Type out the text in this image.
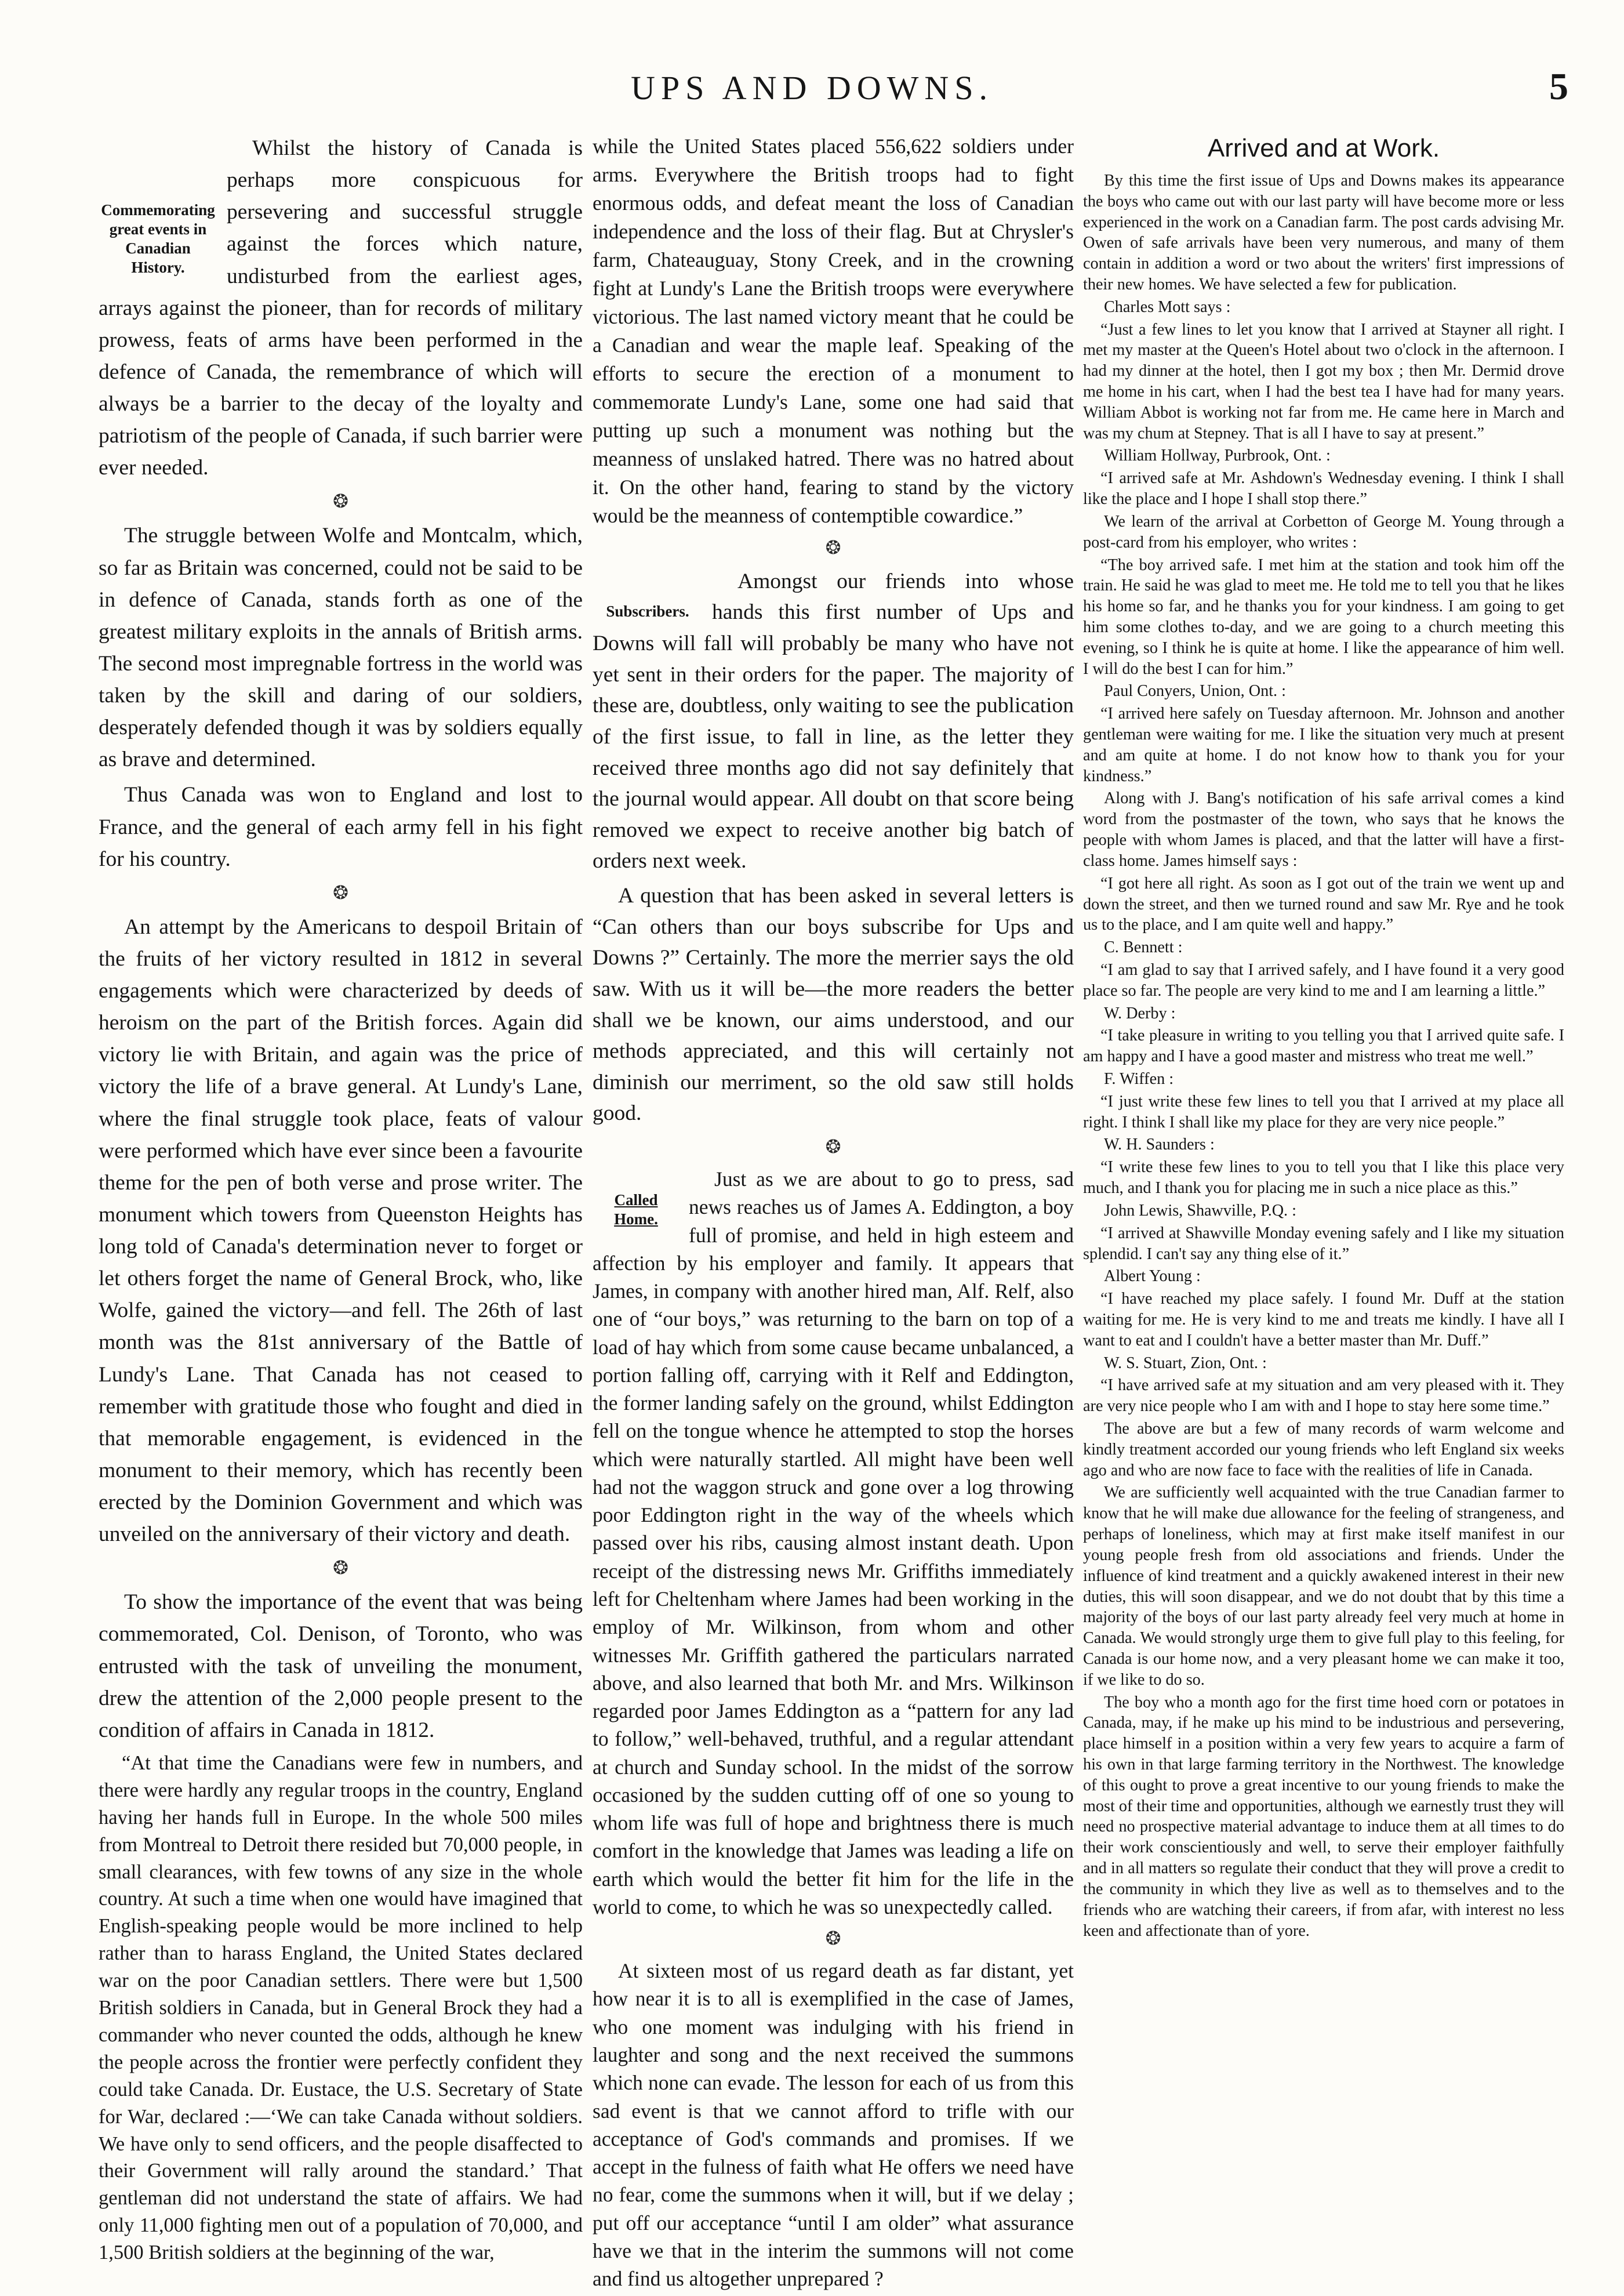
UPS AND DOWNS.	5
Commemorating great events in Canadian History.

Whilst the history of Canada is perhaps more conspicuous for persevering and successful struggle against the forces which nature, undisturbed from the earliest ages, arrays against the pioneer, than for records of military prowess, feats of arms have been performed in the defence of Canada, the remembrance of which will always be a barrier to the decay of the loyalty and patriotism of the people of Canada, if such barrier were ever needed.

❂

The struggle between Wolfe and Montcalm, which, so far as Britain was concerned, could not be said to be in defence of Canada, stands forth as one of the greatest military exploits in the annals of British arms. The second most impregnable fortress in the world was taken by the skill and daring of our soldiers, desperately defended though it was by soldiers equally as brave and determined.

Thus Canada was won to England and lost to France, and the general of each army fell in his fight for his country.

❂

An attempt by the Americans to despoil Britain of the fruits of her victory resulted in 1812 in several engagements which were characterized by deeds of heroism on the part of the British forces. Again did victory lie with Britain, and again was the price of victory the life of a brave general. At Lundy's Lane, where the final struggle took place, feats of valour were performed which have ever since been a favourite theme for the pen of both verse and prose writer. The monument which towers from Queenston Heights has long told of Canada's determination never to forget or let others forget the name of General Brock, who, like Wolfe, gained the victory—and fell. The 26th of last month was the 81st anniversary of the Battle of Lundy's Lane. That Canada has not ceased to remember with gratitude those who fought and died in that memorable engagement, is evidenced in the monument to their memory, which has recently been erected by the Dominion Government and which was unveiled on the anniversary of their victory and death.

❂

To show the importance of the event that was being commemorated, Col. Denison, of Toronto, who was entrusted with the task of unveiling the monument, drew the attention of the 2,000 people present to the condition of affairs in Canada in 1812.

“At that time the Canadians were few in numbers, and there were hardly any regular troops in the country, England having her hands full in Europe. In the whole 500 miles from Montreal to Detroit there resided but 70,000 people, in small clearances, with few towns of any size in the whole country. At such a time when one would have imagined that English-speaking people would be more inclined to help rather than to harass England, the United States declared war on the poor Canadian settlers. There were but 1,500 British soldiers in Canada, but in General Brock they had a commander who never counted the odds, although he knew the people across the frontier were perfectly confident they could take Canada. Dr. Eustace, the U.S. Secretary of State for War, declared :—‘We can take Canada without soldiers. We have only to send officers, and the people disaffected to their Government will rally around the standard.’ That gentleman did not understand the state of affairs. We had only 11,000 fighting men out of a population of 70,000, and 1,500 British soldiers at the beginning of the war,

while the United States placed 556,622 soldiers under arms. Everywhere the British troops had to fight enormous odds, and defeat meant the loss of Canadian independence and the loss of their flag. But at Chrysler's farm, Chateauguay, Stony Creek, and in the crowning fight at Lundy's Lane the British troops were everywhere victorious. The last named victory meant that he could be a Canadian and wear the maple leaf. Speaking of the efforts to secure the erection of a monument to commemorate Lundy's Lane, some one had said that putting up such a monument was nothing but the meanness of unslaked hatred. There was no hatred about it. On the other hand, fearing to stand by the victory would be the meanness of contemptible cowardice.”

❂
Subscribers.

Amongst our friends into whose hands this first number of Ups and Downs will fall will probably be many who have not yet sent in their orders for the paper. The majority of these are, doubtless, only waiting to see the publication of the first issue, to fall in line, as the letter they received three months ago did not say definitely that the journal would appear. All doubt on that score being removed we expect to receive another big batch of orders next week.

A question that has been asked in several letters is “Can others than our boys subscribe for Ups and Downs ?” Certainly. The more the merrier says the old saw. With us it will be—the more readers the better shall we be known, our aims understood, and our methods appreciated, and this will certainly not diminish our merriment, so the old saw still holds good.

❂
Called Home.

Just as we are about to go to press, sad news reaches us of James A. Eddington, a boy full of promise, and held in high esteem and affection by his employer and family. It appears that James, in company with another hired man, Alf. Relf, also one of “our boys,” was returning to the barn on top of a load of hay which from some cause became unbalanced, a portion falling off, carrying with it Relf and Eddington, the former landing safely on the ground, whilst Eddington fell on the tongue whence he attempted to stop the horses which were naturally startled. All might have been well had not the waggon struck and gone over a log throwing poor Eddington right in the way of the wheels which passed over his ribs, causing almost instant death. Upon receipt of the distressing news Mr. Griffiths immediately left for Cheltenham where James had been working in the employ of Mr. Wilkinson, from whom and other witnesses Mr. Griffith gathered the particulars narrated above, and also learned that both Mr. and Mrs. Wilkinson regarded poor James Eddington as a “pattern for any lad to follow,” well-behaved, truthful, and a regular attendant at church and Sunday school. In the midst of the sorrow occasioned by the sudden cutting off of one so young to whom life was full of hope and brightness there is much comfort in the knowledge that James was leading a life on earth which would the better fit him for the life in the world to come, to which he was so unexpectedly called.

❂

At sixteen most of us regard death as far distant, yet how near it is to all is exemplified in the case of James, who one moment was indulging with his friend in laughter and song and the next received the summons which none can evade. The lesson for each of us from this sad event is that we cannot afford to trifle with our acceptance of God's commands and promises. If we accept in the fulness of faith what He offers we need have no fear, come the summons when it will, but if we delay ; put off our acceptance “until I am older” what assurance have we that in the interim the summons will not come and find us altogether unprepared ?

Arrived and at Work.

By this time the first issue of Ups and Downs makes its appearance the boys who came out with our last party will have become more or less experienced in the work on a Canadian farm. The post cards advising Mr. Owen of safe arrivals have been very numerous, and many of them contain in addition a word or two about the writers' first impressions of their new homes. We have selected a few for publication.

Charles Mott says :

“Just a few lines to let you know that I arrived at Stayner all right. I met my master at the Queen's Hotel about two o'clock in the afternoon. I had my dinner at the hotel, then I got my box ; then Mr. Dermid drove me home in his cart, when I had the best tea I have had for many years. William Abbot is working not far from me. He came here in March and was my chum at Stepney. That is all I have to say at present.”

William Hollway, Purbrook, Ont. :

“I arrived safe at Mr. Ashdown's Wednesday evening. I think I shall like the place and I hope I shall stop there.”

We learn of the arrival at Corbetton of George M. Young through a post-card from his employer, who writes :

“The boy arrived safe. I met him at the station and took him off the train. He said he was glad to meet me. He told me to tell you that he likes his home so far, and he thanks you for your kindness. I am going to get him some clothes to-day, and we are going to a church meeting this evening, so I think he is quite at home. I like the appearance of him well. I will do the best I can for him.”

Paul Conyers, Union, Ont. :

“I arrived here safely on Tuesday afternoon. Mr. Johnson and another gentleman were waiting for me. I like the situation very much at present and am quite at home. I do not know how to thank you for your kindness.”

Along with J. Bang's notification of his safe arrival comes a kind word from the postmaster of the town, who says that he knows the people with whom James is placed, and that the latter will have a first-class home. James himself says :

“I got here all right. As soon as I got out of the train we went up and down the street, and then we turned round and saw Mr. Rye and he took us to the place, and I am quite well and happy.”

C. Bennett :

“I am glad to say that I arrived safely, and I have found it a very good place so far. The people are very kind to me and I am learning a little.”

W. Derby :

“I take pleasure in writing to you telling you that I arrived quite safe. I am happy and I have a good master and mistress who treat me well.”

F. Wiffen :

“I just write these few lines to tell you that I arrived at my place all right. I think I shall like my place for they are very nice people.”

W. H. Saunders :

“I write these few lines to you to tell you that I like this place very much, and I thank you for placing me in such a nice place as this.”

John Lewis, Shawville, P.Q. :

“I arrived at Shawville Monday evening safely and I like my situation splendid. I can't say any thing else of it.”

Albert Young :

“I have reached my place safely. I found Mr. Duff at the station waiting for me. He is very kind to me and treats me kindly. I have all I want to eat and I couldn't have a better master than Mr. Duff.”

W. S. Stuart, Zion, Ont. :

“I have arrived safe at my situation and am very pleased with it. They are very nice people who I am with and I hope to stay here some time.”

The above are but a few of many records of warm welcome and kindly treatment accorded our young friends who left England six weeks ago and who are now face to face with the realities of life in Canada.

We are sufficiently well acquainted with the true Canadian farmer to know that he will make due allowance for the feeling of strangeness, and perhaps of loneliness, which may at first make itself manifest in our young people fresh from old associations and friends. Under the influence of kind treatment and a quickly awakened interest in their new duties, this will soon disappear, and we do not doubt that by this time a majority of the boys of our last party already feel very much at home in Canada. We would strongly urge them to give full play to this feeling, for Canada is our home now, and a very pleasant home we can make it too, if we like to do so.

The boy who a month ago for the first time hoed corn or potatoes in Canada, may, if he make up his mind to be industrious and persevering, place himself in a position within a very few years to acquire a farm of his own in that large farming territory in the Northwest. The knowledge of this ought to prove a great incentive to our young friends to make the most of their time and opportunities, although we earnestly trust they will need no prospective material advantage to induce them at all times to do their work conscientiously and well, to serve their employer faithfully and in all matters so regulate their conduct that they will prove a credit to the community in which they live as well as to themselves and to the friends who are watching their careers, if from afar, with interest no less keen and affectionate than of yore.
